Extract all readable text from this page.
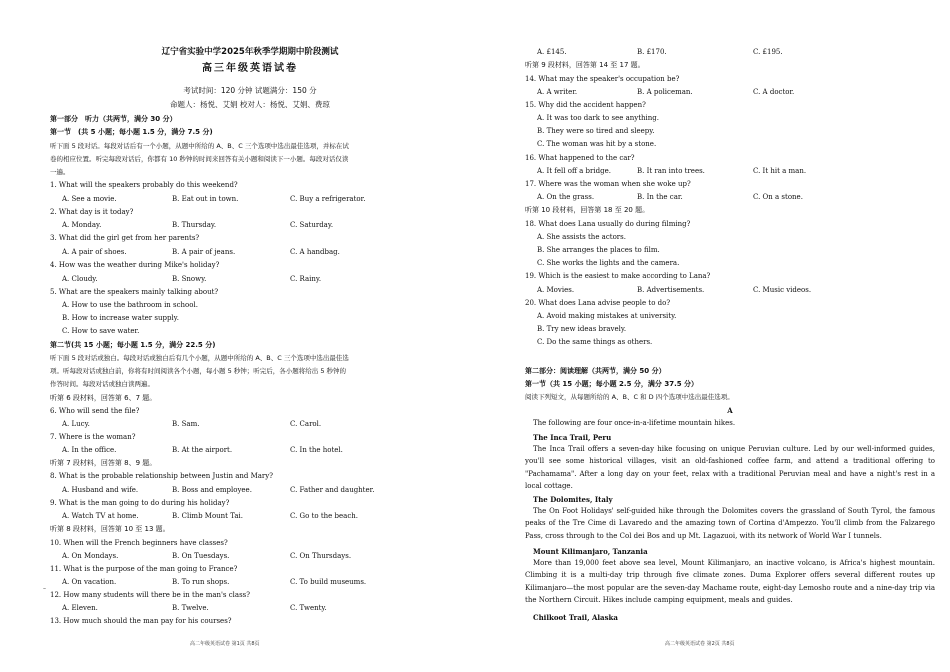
辽宁省实验中学2025年秋季学期期中阶段测试
高三年级英语试卷
考试时间：120 分钟 试题满分：150 分
命题人：杨悦、艾娟 校对人：杨悦、艾娟、费琼
第一部分　听力（共两节，满分 30 分）
第一节　(共 5 小题；每小题 1.5 分，满分 7.5 分)
听下面 5 段对话。每段对话后有一个小题，从题中所给的 A、B、C 三个选项中选出最佳选项，并标在试
卷的相应位置。听完每段对话后，你都有 10 秒钟的时间来回答有关小题和阅读下一小题。每段对话仅读
一遍。
1. What will the speakers probably do this weekend?
A. See a movie.	B. Eat out in town.	C. Buy a refrigerator.
2. What day is it today?
A. Monday.	B. Thursday.	C. Saturday.
3. What did the girl get from her parents?
A. A pair of shoes.	B. A pair of jeans.	C. A handbag.
4. How was the weather during Mike's holiday?
A. Cloudy.	B. Snowy.	C. Rainy.
5. What are the speakers mainly talking about?
A. How to use the bathroom in school.
B. How to increase water supply.
C. How to save water.
第二节(共 15 小题；每小题 1.5 分，满分 22.5 分)
听下面 5 段对话或独白。每段对话或独白后有几个小题，从题中所给的 A、B、C 三个选项中选出最佳选
项。听每段对话或独白前，你将有时间阅读各个小题，每小题 5 秒钟；听完后，各小题将给出 5 秒钟的
作答时间。每段对话或独白读两遍。
听第 6 段材料，回答第 6、7 题。
6. Who will send the file?
A. Lucy.	B. Sam.	C. Carol.
7. Where is the woman?
A. In the office.	B. At the airport.	C. In the hotel.
听第 7 段材料，回答第 8、9 题。
8. What is the probable relationship between Justin and Mary?
A. Husband and wife.	B. Boss and employee.	C. Father and daughter.
9. What is the man going to do during his holiday?
A. Watch TV at home.	B. Climb Mount Tai.	C. Go to the beach.
听第 8 段材料，回答第 10 至 13 题。
10. When will the French beginners have classes?
A. On Mondays.	B. On Tuesdays.	C. On Thursdays.
11. What is the purpose of the man going to France?
A. On vacation.	B. To run shops.	C. To build museums.
12. How many students will there be in the man's class?
A. Eleven.	B. Twelve.	C. Twenty.
13. How much should the man pay for his courses?
高二年级英语试卷 第1页 共8页
–
A. £145.	B. £170.	C. £195.
听第 9 段材料，回答第 14 至 17 题。
14. What may the speaker's occupation be?
A. A writer.	B. A policeman.	C. A doctor.
15. Why did the accident happen?
A. It was too dark to see anything.
B. They were so tired and sleepy.
C. The woman was hit by a stone.
16. What happened to the car?
A. It fell off a bridge.	B. It ran into trees.	C. It hit a man.
17. Where was the woman when she woke up?
A. On the grass.	B. In the car.	C. On a stone.
听第 10 段材料，回答第 18 至 20 题。
18. What does Lana usually do during filming?
A. She assists the actors.
B. She arranges the places to film.
C. She works the lights and the camera.
19. Which is the easiest to make according to Lana?
A. Movies.	B. Advertisements.	C. Music videos.
20. What does Lana advise people to do?
A. Avoid making mistakes at university.
B. Try new ideas bravely.
C. Do the same things as others.
第二部分：阅读理解（共两节，满分 50 分）
第一节（共 15 小题；每小题 2.5 分，满分 37.5 分）
阅读下列短文，从每题所给的 A、B、C 和 D 四个选项中选出最佳选项。
A
The following are four once-in-a-lifetime mountain hikes.
The Inca Trail, Peru
The Inca Trail offers a seven-day hike focusing on unique Peruvian culture. Led by our well-informed guides, you'll see some historical villages, visit an old-fashioned coffee farm, and attend a traditional offering to "Pachamama". After a long day on your feet, relax with a traditional Peruvian meal and have a night's rest in a local cottage.
The Dolomites, Italy
The On Foot Holidays' self-guided hike through the Dolomites covers the grassland of South Tyrol, the famous peaks of the Tre Cime di Lavaredo and the amazing town of Cortina d'Ampezzo. You'll climb from the Falzarego Pass, cross through to the Col dei Bos and up Mt. Lagazuoi, with its network of World War I tunnels.
Mount Kilimanjaro, Tanzania
More than 19,000 feet above sea level, Mount Kilimanjaro, an inactive volcano, is Africa's highest mountain. Climbing it is a multi-day trip through five climate zones. Duma Explorer offers several different routes up Kilimanjaro—the most popular are the seven-day Machame route, eight-day Lemosho route and a nine-day trip via the Northern Circuit. Hikes include camping equipment, meals and guides.
Chilkoot Trail, Alaska
高二年级英语试卷 第2页 共8页
